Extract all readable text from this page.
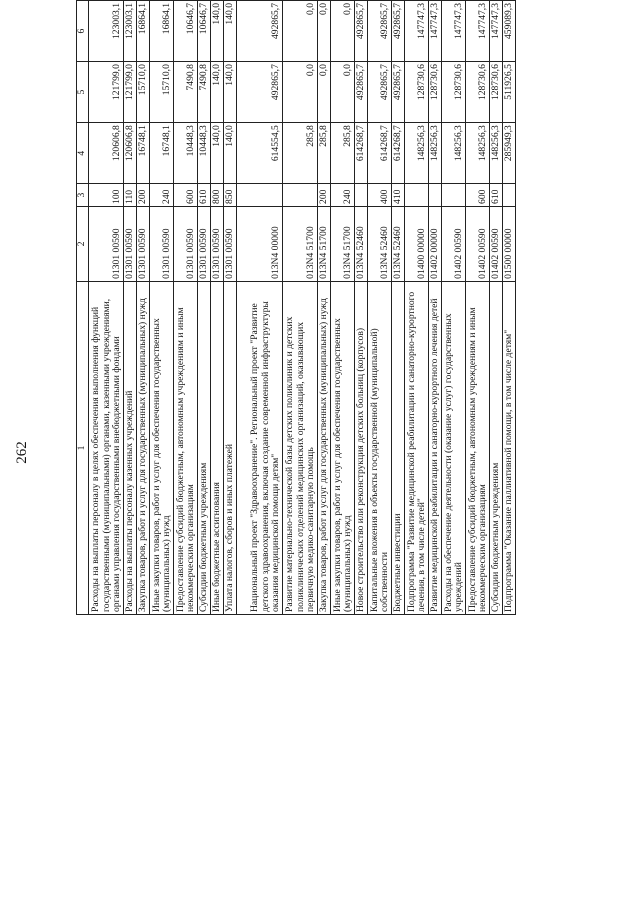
262	1	2	3	4	5	6
Расходы на выплаты персоналу в целях обеспечения выполнения функций государственными (муниципальными) органами, казенными учреждениями, органами управления государственными внебюджетными фондами	01301 00590	100	120606,8	121799,0	123003,1
Расходы на выплаты персоналу казенных учреждений	01301 00590	110	120606,8	121799,0	123003,1
Закупка товаров, работ и услуг для государственных (муниципальных) нужд	01301 00590	200	16748,1	15710,0	16864,1
Иные закупки товаров, работ и услуг для обеспечения государственных (муниципальных) нужд	01301 00590	240	16748,1	15710,0	16864,1
Предоставление субсидий бюджетным, автономным учреждениям и иным некоммерческим организациям	01301 00590	600	10448,3	7490,8	10646,7
Субсидии бюджетным учреждениям	01301 00590	610	10448,3	7490,8	10646,7
Иные бюджетные ассигнования	01301 00590	800	140,0	140,0	140,0
Уплата налогов, сборов и иных платежей	01301 00590	850	140,0	140,0	140,0
Национальный проект "Здравоохранение". Региональный проект "Развитие детского здравоохранения, включая создание современной инфраструктуры оказания медицинской помощи детям"	013N4 00000		614554,5	492865,7	492865,7
Развитие материально-технической базы детских поликлиник и детских поликлинических отделений медицинских организаций, оказывающих первичную медико-санитарную помощь	013N4 51700		285,8	0,0	0,0
Закупка товаров, работ и услуг для государственных (муниципальных) нужд	013N4 51700	200	285,8	0,0	0,0
Иные закупки товаров, работ и услуг для обеспечения государственных (муниципальных) нужд	013N4 51700	240	285,8	0,0	0,0
Новое строительство или реконструкция детских больниц (корпусов)	013N4 52460		614268,7	492865,7	492865,7
Капитальные вложения в объекты государственной (муниципальной) собственности	013N4 52460	400	614268,7	492865,7	492865,7
Бюджетные инвестиции	013N4 52460	410	614268,7	492865,7	492865,7
Подпрограмма "Развитие медицинской реабилитации и санаторно-курортного лечения, в том числе детей"	01400 00000		148256,3	128730,6	147747,3
Развитие медицинской реабилитации и санаторно-курортного лечения детей	01402 00000		148256,3	128730,6	147747,3
Расходы на обеспечение деятельности (оказание услуг) государственных учреждений	01402 00590		148256,3	128730,6	147747,3
Предоставление субсидий бюджетным, автономным учреждениям и иным некоммерческим организациям	01402 00590	600	148256,3	128730,6	147747,3
Субсидии бюджетным учреждениям	01402 00590	610	148256,3	128730,6	147747,3
Подпрограмма "Оказание паллиативной помощи, в том числе детям"	01500 00000		285949,3	511926,5	459089,3
